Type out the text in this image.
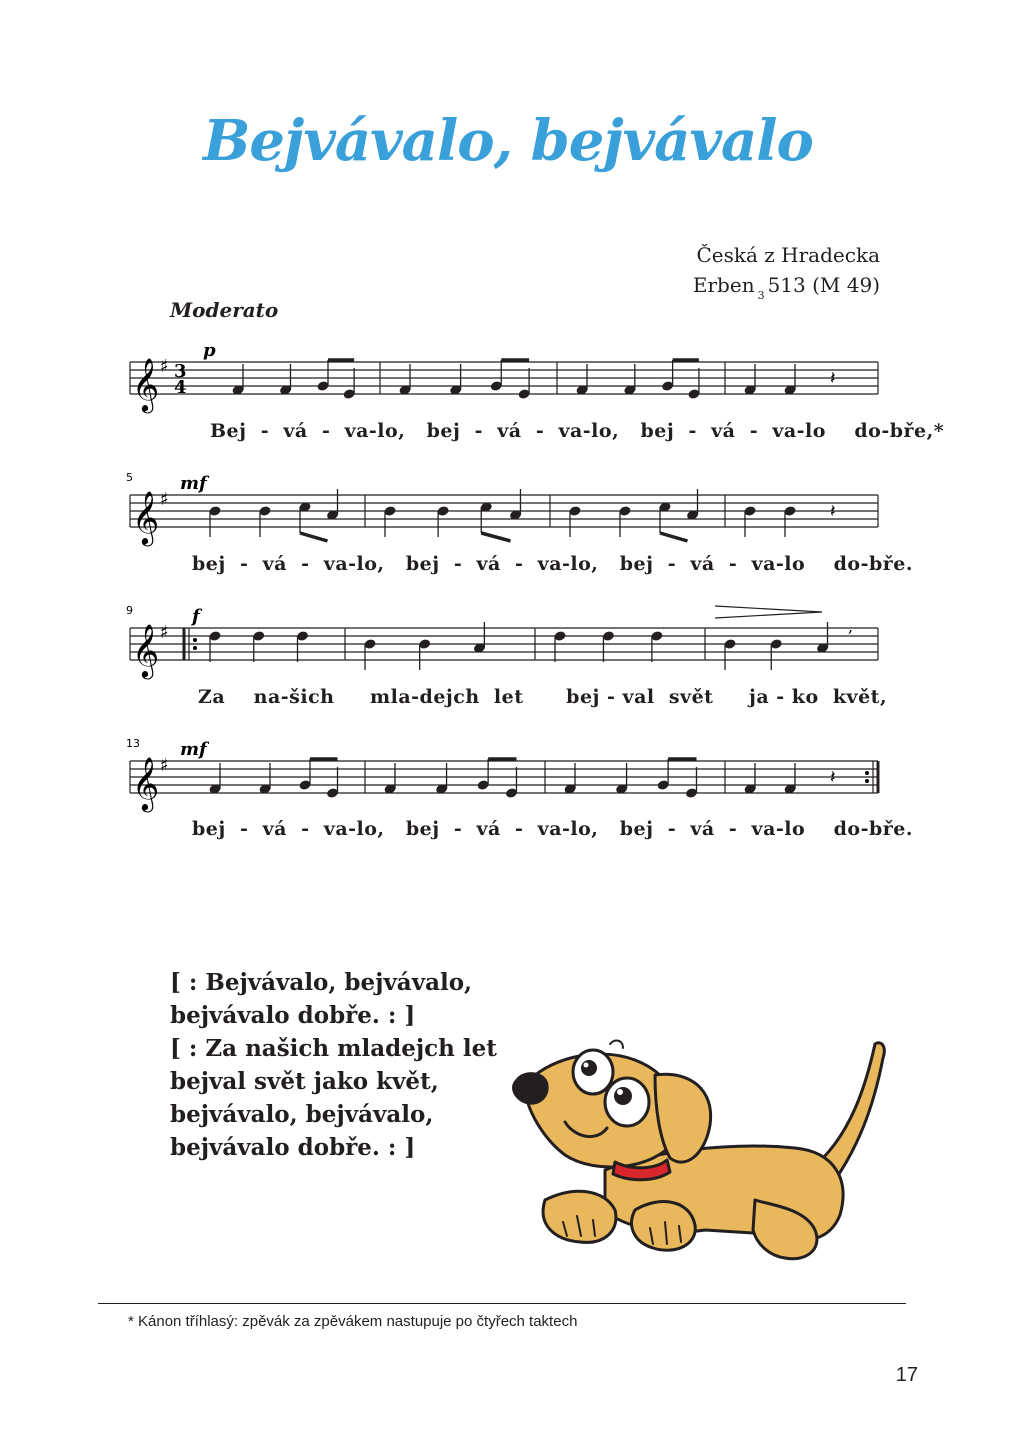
Bejvávalo, bejvávalo
Česká z Hradecka
Erben $_3$ 513 (M 49)
Moderato
𝄞 ♯ 3
4
p
𝄽
𝄞 ♯
5	mf
𝄽
𝄞 ♯
9	f	,
𝄞 ♯
13 mf
𝄽
Bej  -  vá  -  va-lo,   bej  -  vá  -  va-lo,   bej  -  vá  -  va-lo    do-bře,*
bej  -  vá  -  va-lo,   bej  -  vá  -  va-lo,   bej  -  vá  -  va-lo    do-bře.
Za    na-šich     mla-dejch  let      bej - val  svět     ja - ko  květ,
bej  -  vá  -  va-lo,   bej  -  vá  -  va-lo,   bej  -  vá  -  va-lo    do-bře.
[ : Bejvávalo, bejvávalo,
bejvávalo dobře. : ]
[ : Za našich mladejch let
bejval svět jako květ,
bejvávalo, bejvávalo,
bejvávalo dobře. : ]
* Kánon tříhlasý: zpěvák za zpěvákem nastupuje po čtyřech taktech
17
